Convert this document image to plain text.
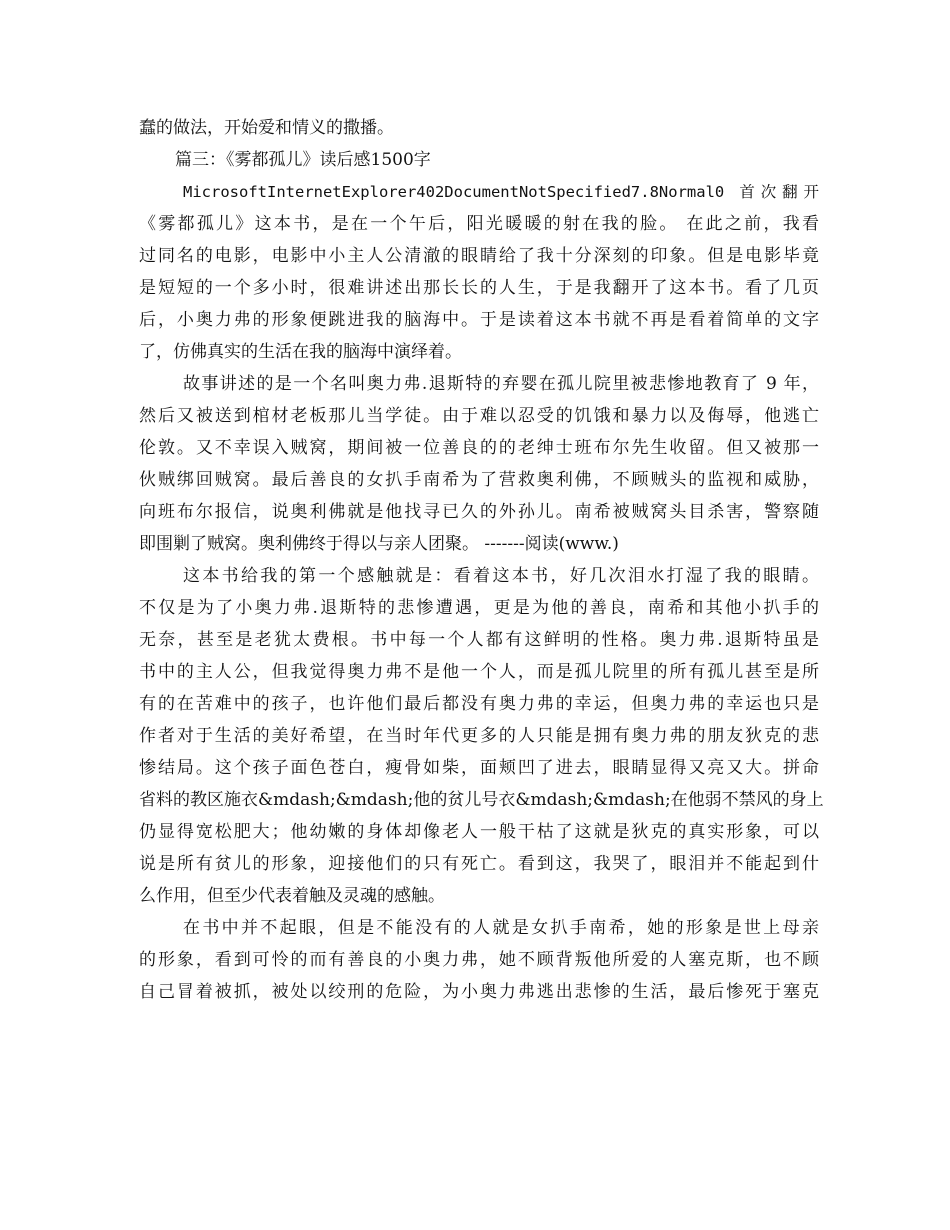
蠢的做法，开始爱和情义的撒播。
篇三：《雾都孤儿》读后感1500字
MicrosoftInternetExplorer402DocumentNotSpecified7.8Normal0 首次翻开
《雾都孤儿》这本书，是在一个午后，阳光暖暖的射在我的脸。 在此之前，我看
过同名的电影，电影中小主人公清澈的眼睛给了我十分深刻的印象。但是电影毕竟
是短短的一个多小时，很难讲述出那长长的人生，于是我翻开了这本书。看了几页
后，小奥力弗的形象便跳进我的脑海中。于是读着这本书就不再是看着简单的文字
了，仿佛真实的生活在我的脑海中演绎着。
故事讲述的是一个名叫奥力弗.退斯特的弃婴在孤儿院里被悲惨地教育了 9 年，
然后又被送到棺材老板那儿当学徒。由于难以忍受的饥饿和暴力以及侮辱，他逃亡
伦敦。又不幸误入贼窝，期间被一位善良的的老绅士班布尔先生收留。但又被那一
伙贼绑回贼窝。最后善良的女扒手南希为了营救奥利佛，不顾贼头的监视和威胁，
向班布尔报信，说奥利佛就是他找寻已久的外孙儿。南希被贼窝头目杀害，警察随
即围剿了贼窝。奥利佛终于得以与亲人团聚。 -------阅读(www.)
这本书给我的第一个感触就是：看着这本书，好几次泪水打湿了我的眼睛。
不仅是为了小奥力弗.退斯特的悲惨遭遇，更是为他的善良，南希和其他小扒手的
无奈，甚至是老犹太费根。书中每一个人都有这鲜明的性格。奥力弗.退斯特虽是
书中的主人公，但我觉得奥力弗不是他一个人，而是孤儿院里的所有孤儿甚至是所
有的在苦难中的孩子，也许他们最后都没有奥力弗的幸运，但奥力弗的幸运也只是
作者对于生活的美好希望，在当时年代更多的人只能是拥有奥力弗的朋友狄克的悲
惨结局。这个孩子面色苍白，瘦骨如柴，面颊凹了进去，眼睛显得又亮又大。拼命
省料的教区施衣&mdash;&mdash;他的贫儿号衣&mdash;&mdash;在他弱不禁风的身上
仍显得宽松肥大；他幼嫩的身体却像老人一般干枯了这就是狄克的真实形象，可以
说是所有贫儿的形象，迎接他们的只有死亡。看到这，我哭了，眼泪并不能起到什
么作用，但至少代表着触及灵魂的感触。
在书中并不起眼，但是不能没有的人就是女扒手南希，她的形象是世上母亲
的形象，看到可怜的而有善良的小奥力弗，她不顾背叛他所爱的人塞克斯，也不顾
自己冒着被抓，被处以绞刑的危险，为小奥力弗逃出悲惨的生活，最后惨死于塞克
